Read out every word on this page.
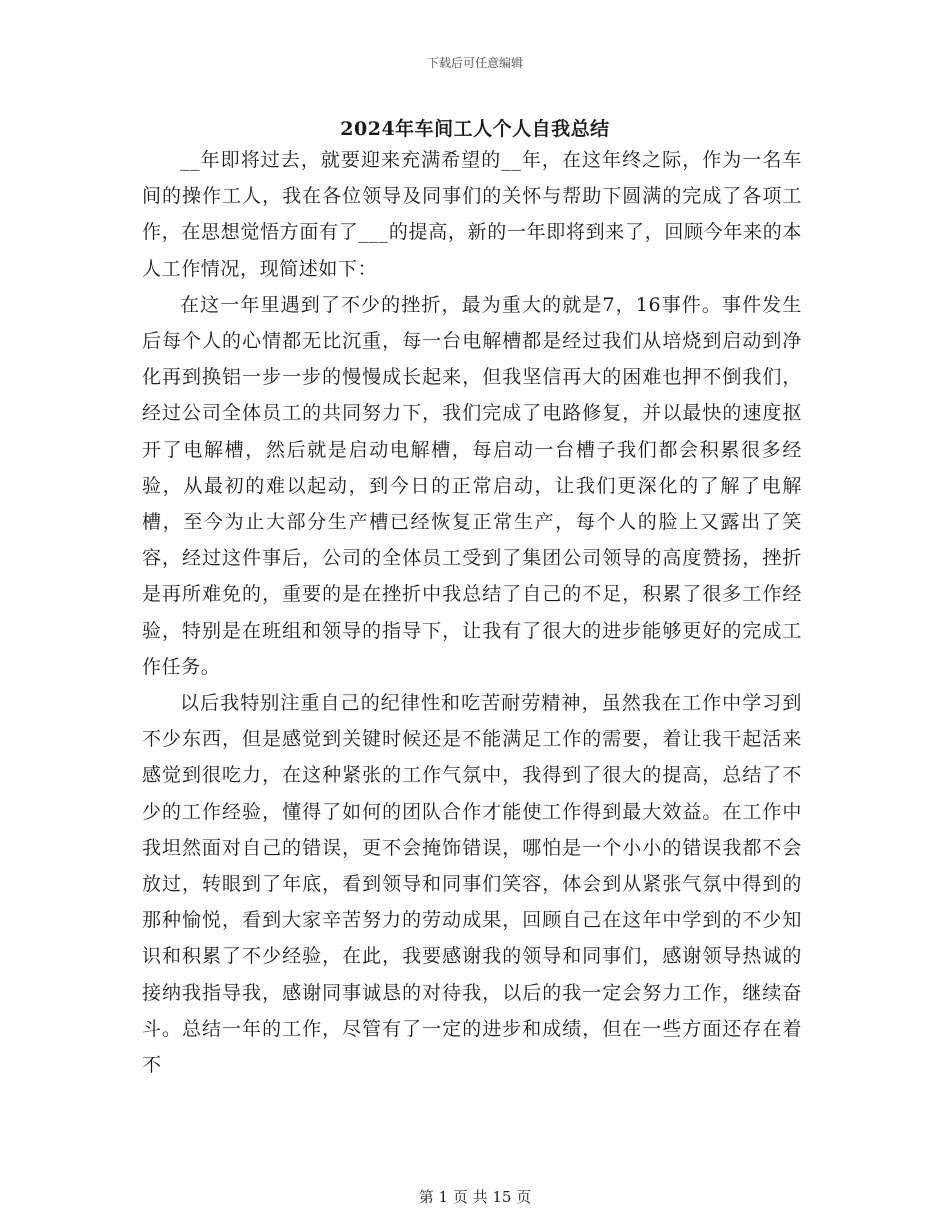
下载后可任意编辑
2024年车间工人个人自我总结

__年即将过去，就要迎来充满希望的__年，在这年终之际，作为一名车间的操作工人，我在各位领导及同事们的关怀与帮助下圆满的完成了各项工作，在思想觉悟方面有了___的提高，新的一年即将到来了，回顾今年来的本人工作情况，现简述如下：

在这一年里遇到了不少的挫折，最为重大的就是7，16事件。事件发生后每个人的心情都无比沉重，每一台电解槽都是经过我们从培烧到启动到净化再到换铝一步一步的慢慢成长起来，但我坚信再大的困难也押不倒我们，经过公司全体员工的共同努力下，我们完成了电路修复，并以最快的速度抠开了电解槽，然后就是启动电解槽，每启动一台槽子我们都会积累很多经验，从最初的难以起动，到今日的正常启动，让我们更深化的了解了电解槽，至今为止大部分生产槽已经恢复正常生产，每个人的脸上又露出了笑容，经过这件事后，公司的全体员工受到了集团公司领导的高度赞扬，挫折是再所难免的，重要的是在挫折中我总结了自己的不足，积累了很多工作经验，特别是在班组和领导的指导下，让我有了很大的进步能够更好的完成工作任务。

以后我特别注重自己的纪律性和吃苦耐劳精神，虽然我在工作中学习到不少东西，但是感觉到关键时候还是不能满足工作的需要，着让我干起活来感觉到很吃力，在这种紧张的工作气氛中，我得到了很大的提高，总结了不少的工作经验，懂得了如何的团队合作才能使工作得到最大效益。在工作中我坦然面对自己的错误，更不会掩饰错误，哪怕是一个小小的错误我都不会放过，转眼到了年底，看到领导和同事们笑容，体会到从紧张气氛中得到的那种愉悦，看到大家辛苦努力的劳动成果，回顾自己在这年中学到的不少知识和积累了不少经验，在此，我要感谢我的领导和同事们，感谢领导热诚的接纳我指导我，感谢同事诚恳的对待我，以后的我一定会努力工作，继续奋斗。总结一年的工作，尽管有了一定的进步和成绩，但在一些方面还存在着不

第 1 页 共 15 页
